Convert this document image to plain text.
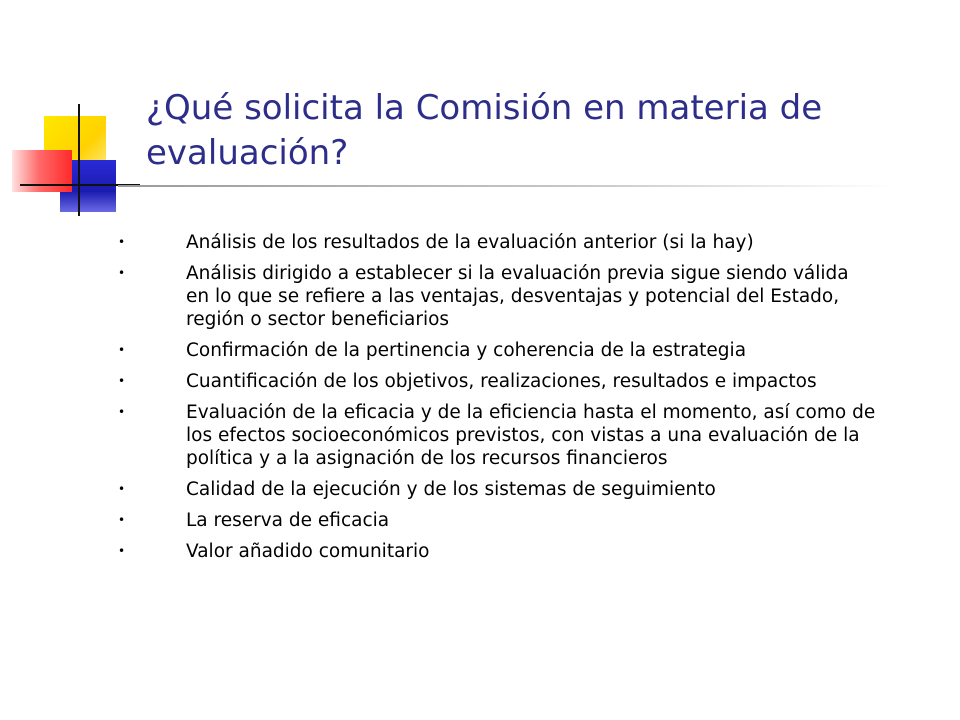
¿Qué solicita la Comisión en materia de evaluación?
•	Análisis de los resultados de la evaluación anterior (si la hay)
•	Análisis dirigido a establecer si la evaluación previa sigue siendo válida en lo que se refiere a las ventajas, desventajas y potencial del Estado, región o sector beneficiarios
•	Confirmación de la pertinencia y coherencia de la estrategia
•	Cuantificación de los objetivos, realizaciones, resultados e impactos
•	Evaluación de la eficacia y de la eficiencia hasta el momento, así como de los efectos socioeconómicos previstos, con vistas a una evaluación de la política y a la asignación de los recursos financieros
•	Calidad de la ejecución y de los sistemas de seguimiento
•	La reserva de eficacia
•	Valor añadido comunitario
